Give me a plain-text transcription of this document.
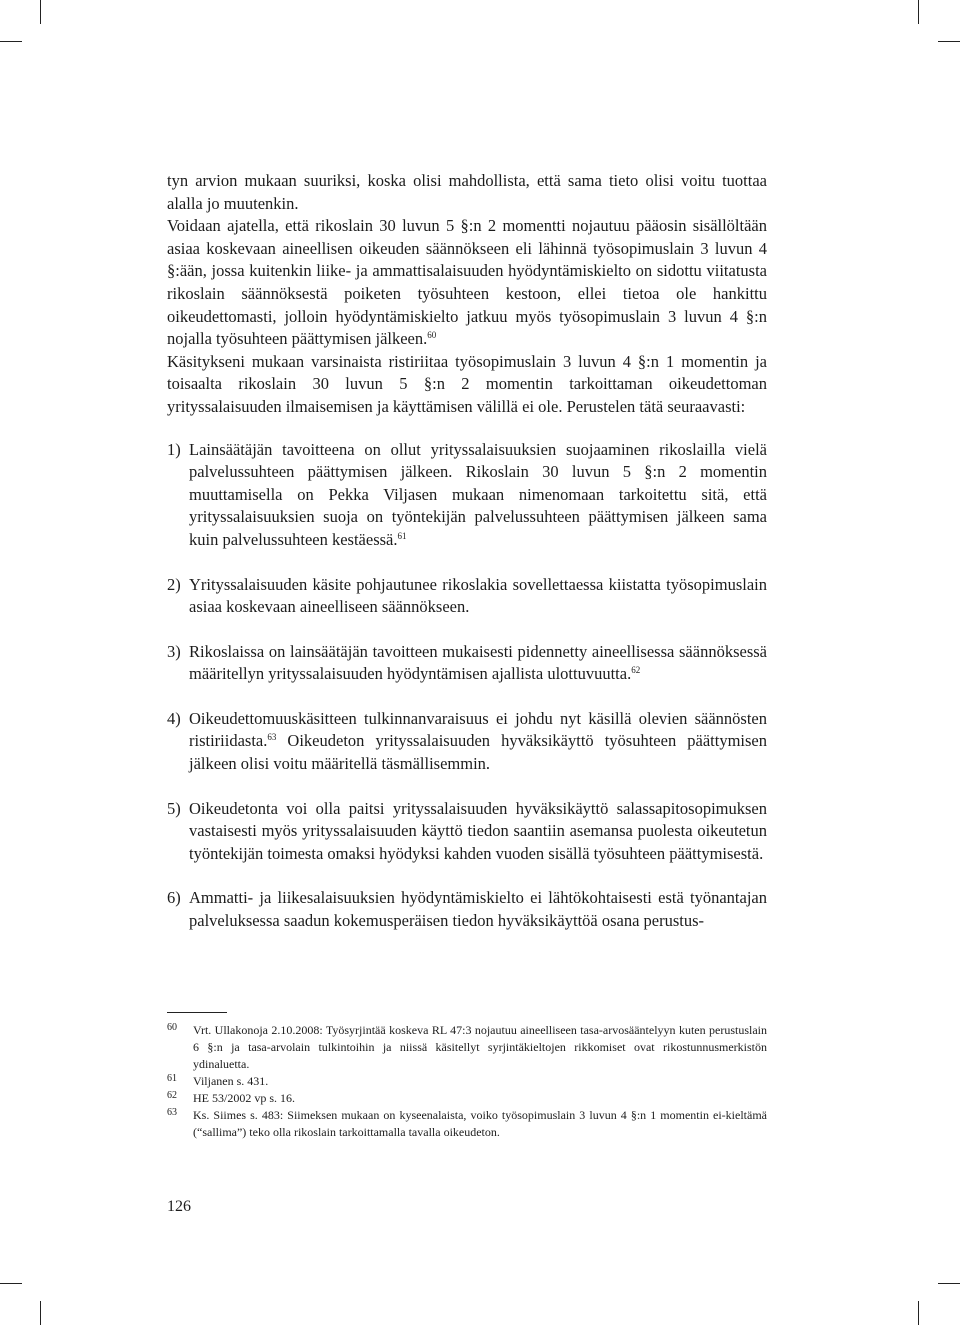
tyn arvion mukaan suuriksi, koska olisi mahdollista, että sama tieto olisi voitu tuottaa alalla jo muutenkin.

Voidaan ajatella, että rikoslain 30 luvun 5 §:n 2 momentti nojautuu pääosin sisällöltään asiaa koskevaan aineellisen oikeuden säännökseen eli lähinnä työsopimuslain 3 luvun 4 §:ään, jossa kuitenkin liike- ja ammattisalaisuuden hyödyntämiskielto on sidottu viitatusta rikoslain säännöksestä poiketen työsuhteen kestoon, ellei tietoa ole hankittu oikeudettomasti, jolloin hyödyntämiskielto jatkuu myös työsopimuslain 3 luvun 4 §:n nojalla työsuhteen päättymisen jälkeen.$^{60}$

Käsitykseni mukaan varsinaista ristiriitaa työsopimuslain 3 luvun 4 §:n 1 momentin ja toisaalta rikoslain 30 luvun 5 §:n 2 momentin tarkoittaman oikeudettoman yrityssalaisuuden ilmaisemisen ja käyttämisen välillä ei ole. Perustelen tätä seuraavasti:

1) Lainsäätäjän tavoitteena on ollut yrityssalaisuuksien suojaaminen rikoslailla vielä palvelussuhteen päättymisen jälkeen. Rikoslain 30 luvun 5 §:n 2 momentin muuttamisella on Pekka Viljasen mukaan nimenomaan tarkoitettu sitä, että yrityssalaisuuksien suoja on työntekijän palvelussuhteen päättymisen jälkeen sama kuin palvelussuhteen kestäessä.$^{61}$
2) Yrityssalaisuuden käsite pohjautunee rikoslakia sovellettaessa kiistatta työsopimuslain asiaa koskevaan aineelliseen säännökseen.
3) Rikoslaissa on lainsäätäjän tavoitteen mukaisesti pidennetty aineellisessa säännöksessä määritellyn yrityssalaisuuden hyödyntämisen ajallista ulottuvuutta.$^{62}$
4) Oikeudettomuuskäsitteen tulkinnanvaraisuus ei johdu nyt käsillä olevien säännösten ristiriidasta.$^{63}$ Oikeudeton yrityssalaisuuden hyväksikäyttö työsuhteen päättymisen jälkeen olisi voitu määritellä täsmällisemmin.
5) Oikeudetonta voi olla paitsi yrityssalaisuuden hyväksikäyttö salassapitosopimuksen vastaisesti myös yrityssalaisuuden käyttö tiedon saantiin asemansa puolesta oikeutetun työntekijän toimesta omaksi hyödyksi kahden vuoden sisällä työsuhteen päättymisestä.
6) Ammatti- ja liikesalaisuuksien hyödyntämiskielto ei lähtökohtaisesti estä työnantajan palveluksessa saadun kokemusperäisen tiedon hyväksikäyttöä osana perustus-
60 Vrt. Ullakonoja 2.10.2008: Työsyrjintää koskeva RL 47:3 nojautuu aineelliseen tasa-arvosääntelyyn kuten perustuslain 6 §:n ja tasa-arvolain tulkintoihin ja niissä käsitellyt syrjintäkieltojen rikkomiset ovat rikostunnusmerkistön ydinaluetta.
61 Viljanen s. 431.
62 HE 53/2002 vp s. 16.
63 Ks. Siimes s. 483: Siimeksen mukaan on kyseenalaista, voiko työsopimuslain 3 luvun 4 §:n 1 momentin ei-kieltämä (“sallima”) teko olla rikoslain tarkoittamalla tavalla oikeudeton.
126
